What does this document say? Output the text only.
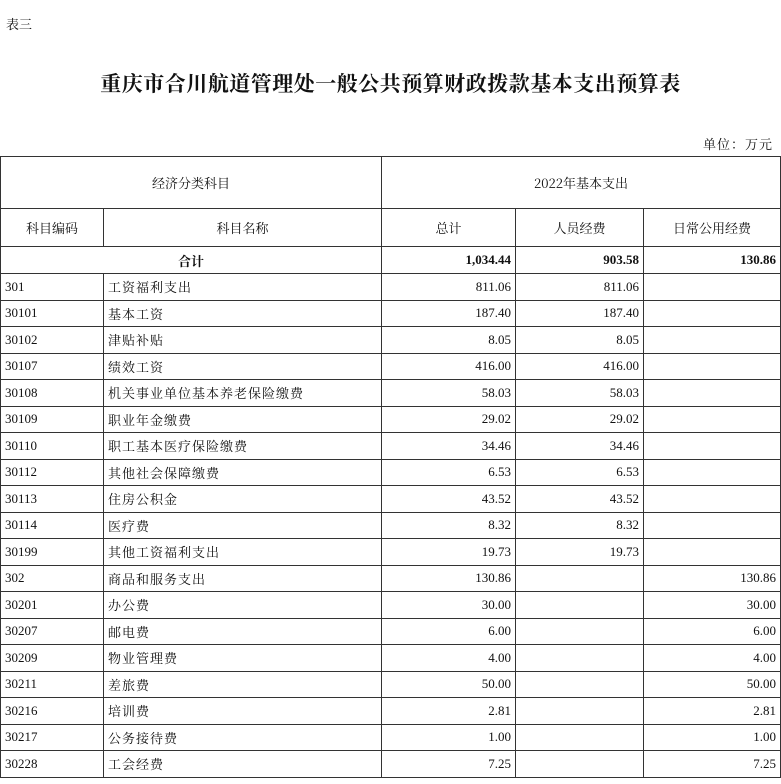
表三
重庆市合川航道管理处一般公共预算财政拨款基本支出预算表
单位：万元
经济分类科目		2022年基本支出		
科目编码	科目名称	总计	人员经费	日常公用经费
合计		1,034.44	903.58	130.86
301	工资福利支出	811.06	811.06	
30101	基本工资	187.40	187.40	
30102	津贴补贴	8.05	8.05	
30107	绩效工资	416.00	416.00	
30108	机关事业单位基本养老保险缴费	58.03	58.03	
30109	职业年金缴费	29.02	29.02	
30110	职工基本医疗保险缴费	34.46	34.46	
30112	其他社会保障缴费	6.53	6.53	
30113	住房公积金	43.52	43.52	
30114	医疗费	8.32	8.32	
30199	其他工资福利支出	19.73	19.73	
302	商品和服务支出	130.86		130.86
30201	办公费	30.00		30.00
30207	邮电费	6.00		6.00
30209	物业管理费	4.00		4.00
30211	差旅费	50.00		50.00
30216	培训费	2.81		2.81
30217	公务接待费	1.00		1.00
30228	工会经费	7.25		7.25
